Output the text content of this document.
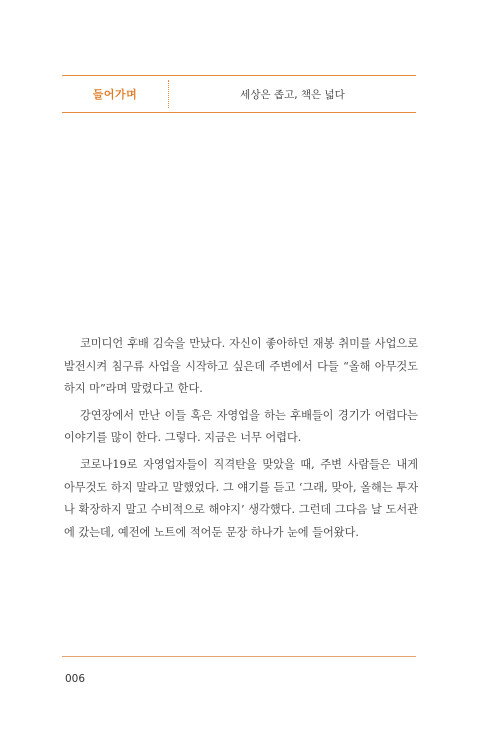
들어가며	세상은 좁고, 책은 넓다

코미디언 후배 김숙을 만났다. 자신이 좋아하던 재봉 취미를 사업으로 발전시켜 침구류 사업을 시작하고 싶은데 주변에서 다들 “올해 아무것도 하지 마”라며 말렸다고 한다.

강연장에서 만난 이들 혹은 자영업을 하는 후배들이 경기가 어렵다는 이야기를 많이 한다. 그렇다. 지금은 너무 어렵다.

코로나19로 자영업자들이 직격탄을 맞았을 때, 주변 사람들은 내게 아무것도 하지 말라고 말했었다. 그 얘기를 듣고 ‘그래, 맞아, 올해는 투자나 확장하지 말고 수비적으로 해야지’ 생각했다. 그런데 그다음 날 도서관에 갔는데, 예전에 노트에 적어둔 문장 하나가 눈에 들어왔다.

006
